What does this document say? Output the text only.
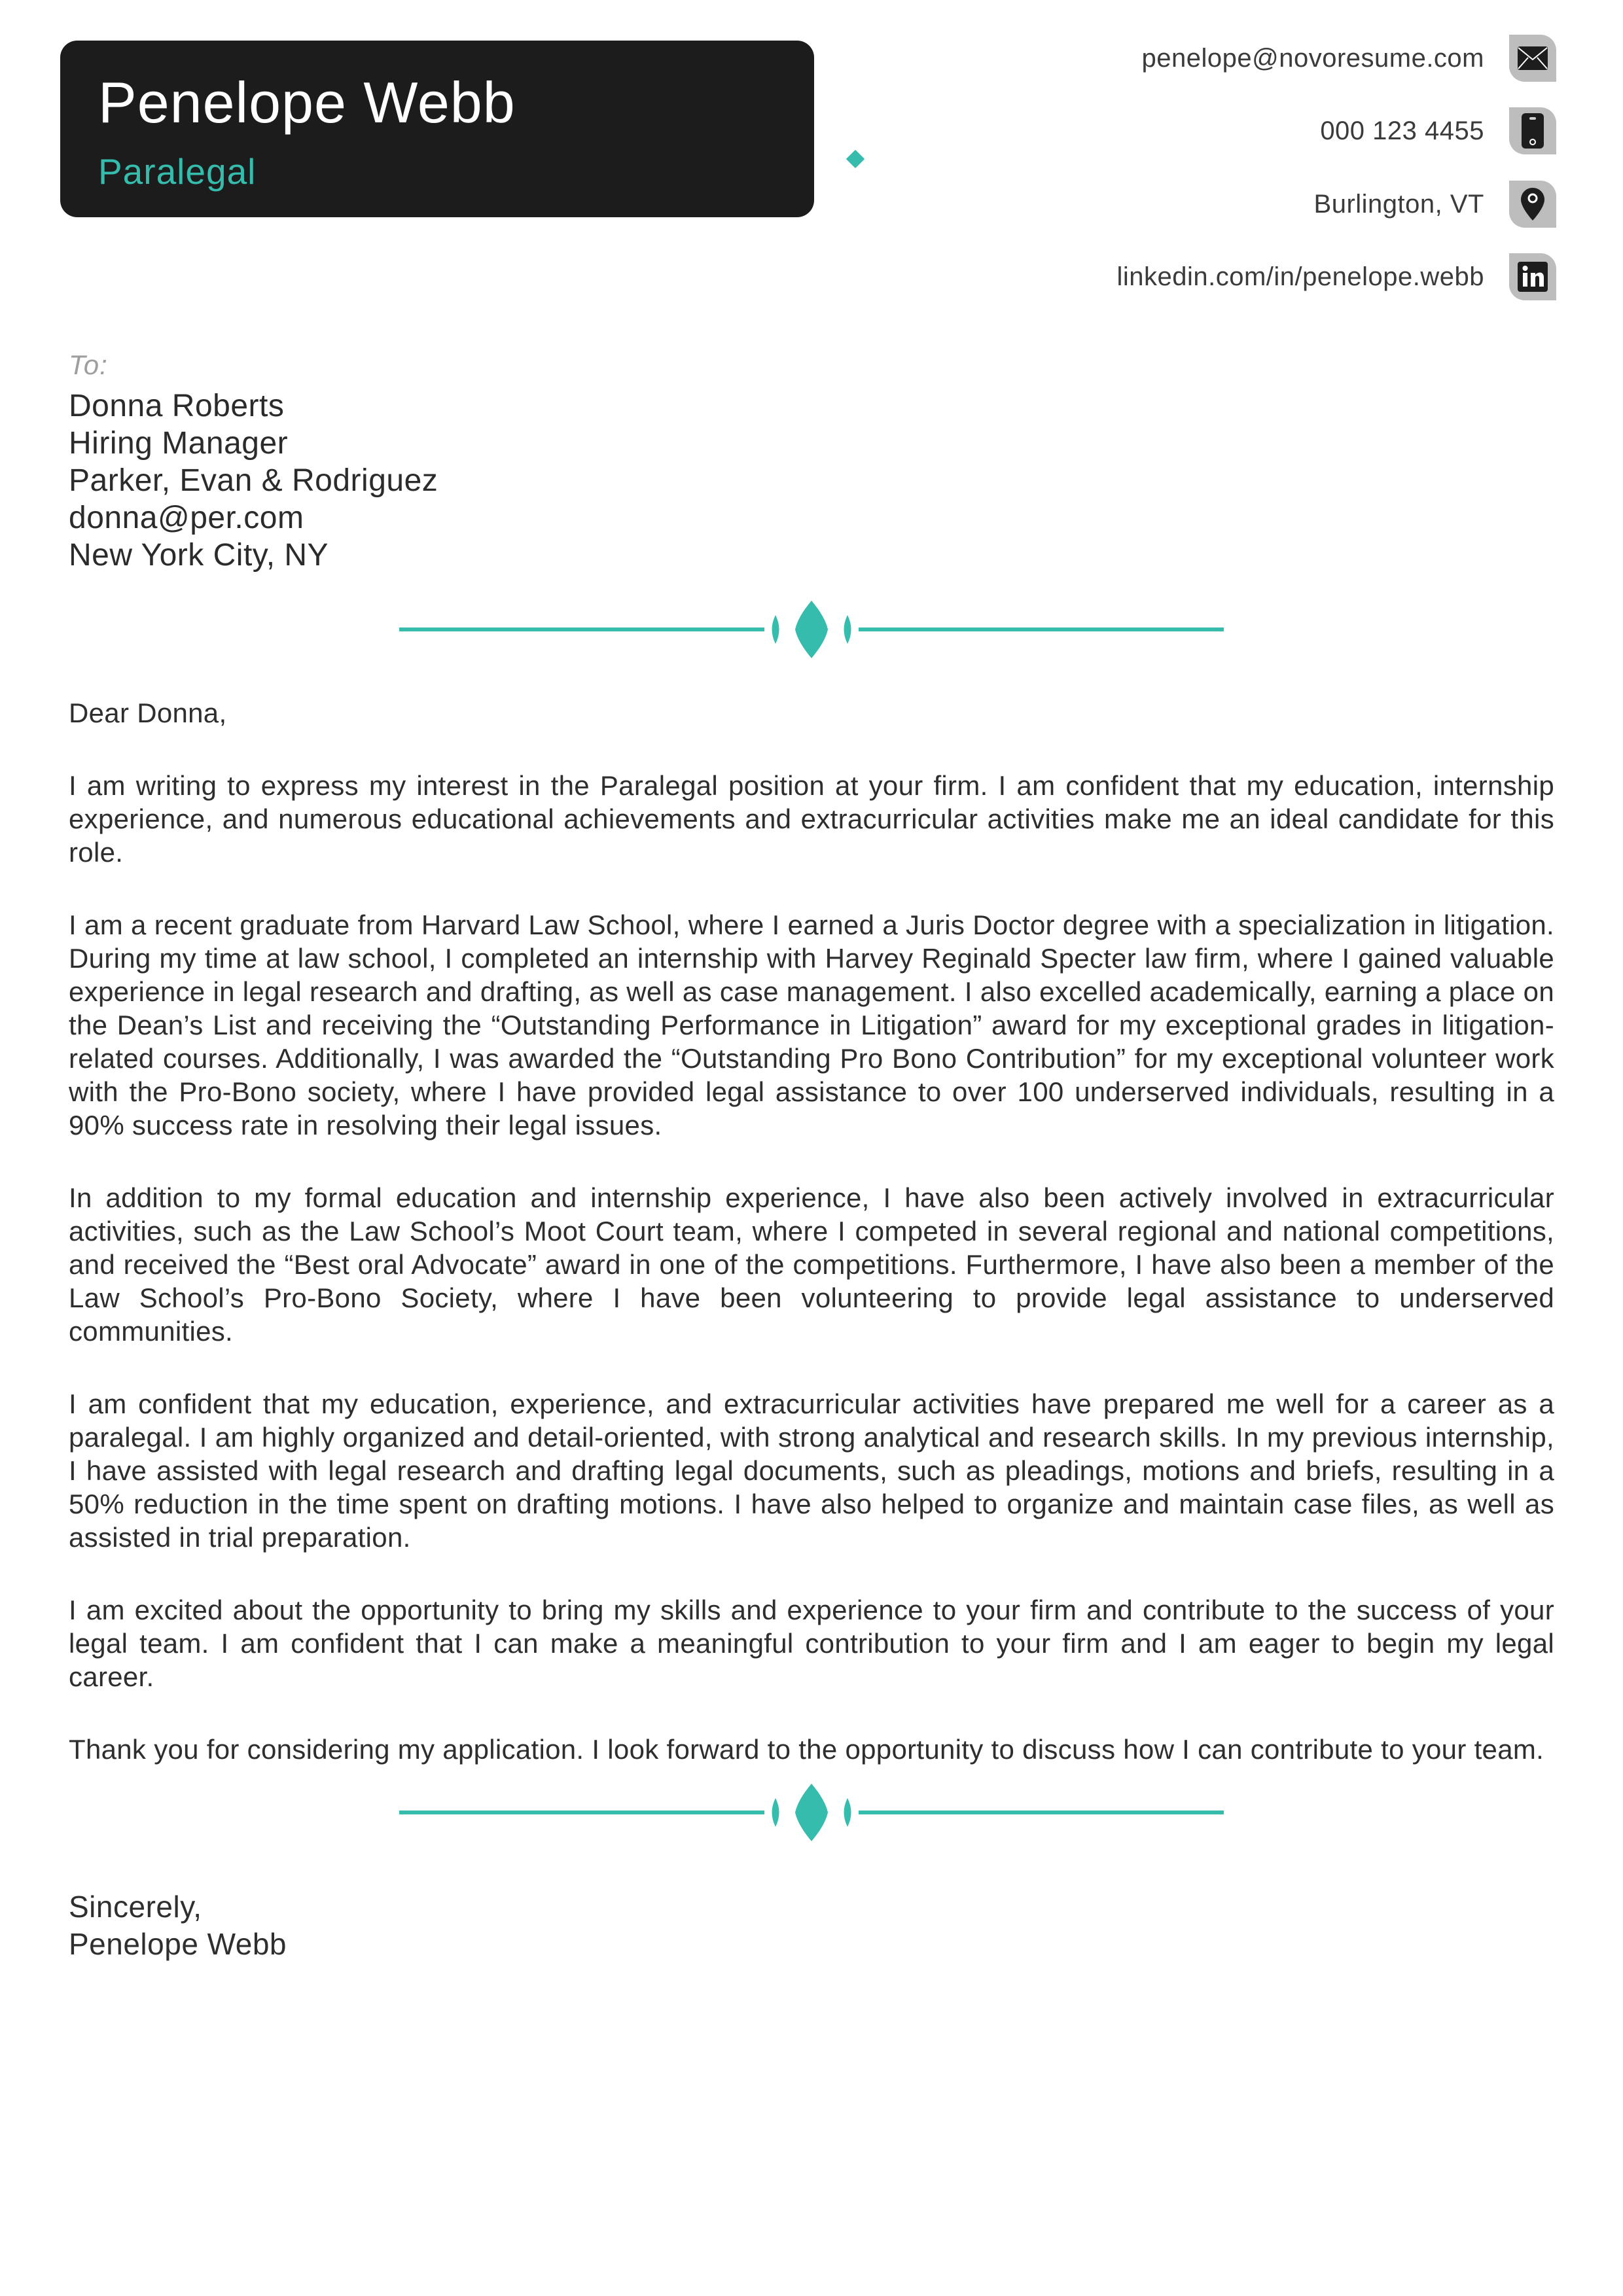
Penelope Webb
Paralegal
penelope@novoresume.com
000 123 4455
Burlington, VT
linkedin.com/in/penelope.webb
To:
Donna Roberts
Hiring Manager
Parker, Evan & Rodriguez
donna@per.com
New York City, NY

Dear Donna,

I am writing to express my interest in the Paralegal position at your firm. I am confident that my education, internship experience, and numerous educational achievements and extracurricular activities make me an ideal candidate for this role.

I am a recent graduate from Harvard Law School, where I earned a Juris Doctor degree with a specialization in litigation. During my time at law school, I completed an internship with Harvey Reginald Specter law firm, where I gained valuable experience in legal research and drafting, as well as case management. I also excelled academically, earning a place on the Dean’s List and receiving the “Outstanding Performance in Litigation” award for my exceptional grades in litigation-related courses. Additionally, I was awarded the “Outstanding Pro Bono Contribution” for my exceptional volunteer work with the Pro-Bono society, where I have provided legal assistance to over 100 underserved individuals, resulting in a 90% success rate in resolving their legal issues.

In addition to my formal education and internship experience, I have also been actively involved in extracurricular activities, such as the Law School’s Moot Court team, where I competed in several regional and national competitions, and received the “Best oral Advocate” award in one of the competitions. Furthermore, I have also been a member of the Law School’s Pro-Bono Society, where I have been volunteering to provide legal assistance to underserved communities.

I am confident that my education, experience, and extracurricular activities have prepared me well for a career as a paralegal. I am highly organized and detail-oriented, with strong analytical and research skills. In my previous internship, I have assisted with legal research and drafting legal documents, such as pleadings, motions and briefs, resulting in a 50% reduction in the time spent on drafting motions. I have also helped to organize and maintain case files, as well as assisted in trial preparation.

I am excited about the opportunity to bring my skills and experience to your firm and contribute to the success of your legal team. I am confident that I can make a meaningful contribution to your firm and I am eager to begin my legal career.

Thank you for considering my application. I look forward to the opportunity to discuss how I can contribute to your team.

Sincerely,
Penelope Webb
